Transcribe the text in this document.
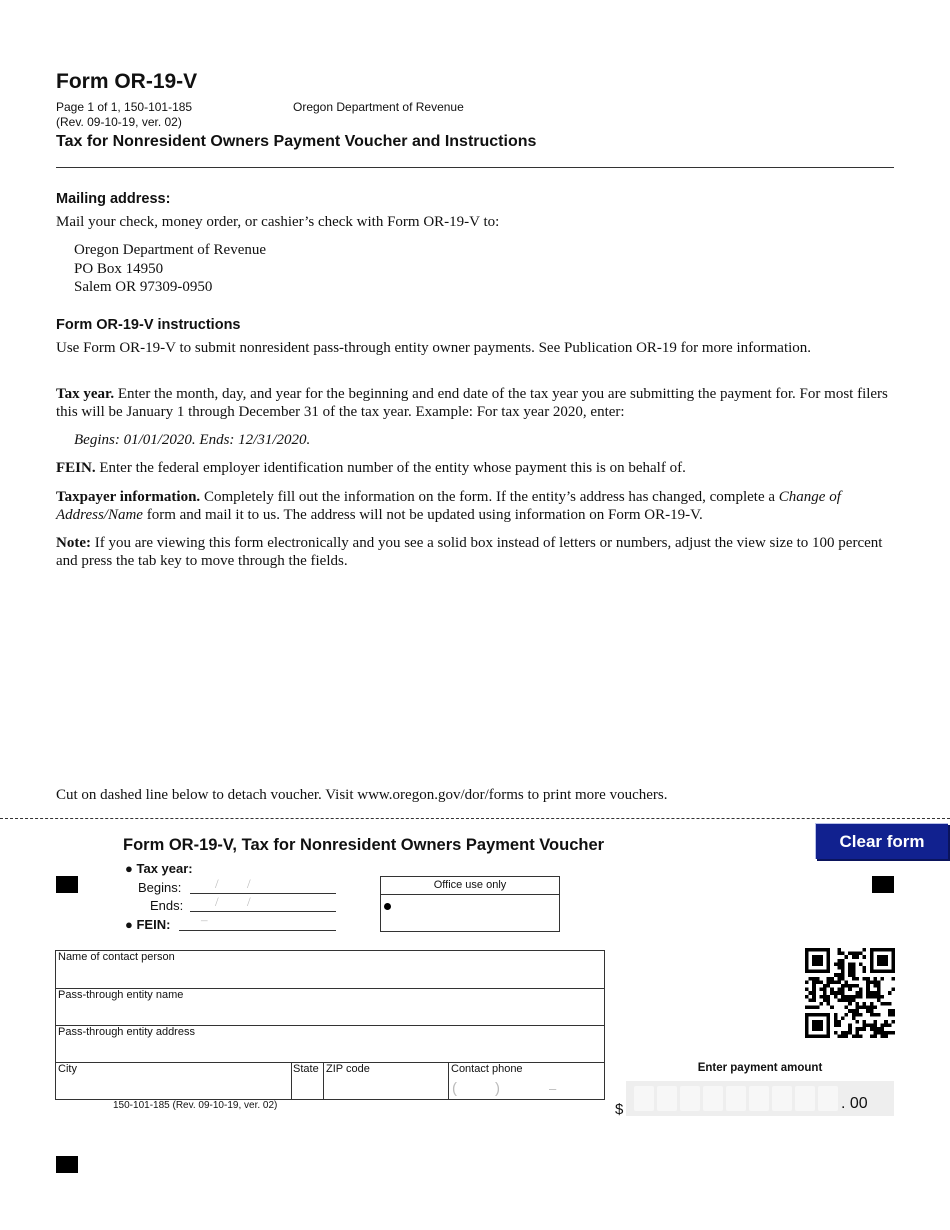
Form OR-19-V
Page 1 of 1, 150-101-185
(Rev. 09-10-19, ver. 02)
Oregon Department of Revenue
Tax for Nonresident Owners Payment Voucher and Instructions
Mailing address:
Mail your check, money order, or cashier’s check with Form OR-19-V to:
Oregon Department of Revenue
PO Box 14950
Salem OR 97309-0950
Form OR-19-V instructions
Use Form OR-19-V to submit nonresident pass-through entity owner payments. See Publication OR-19 for more information.
Tax year. Enter the month, day, and year for the beginning and end date of the tax year you are submitting the payment for. For most filers this will be January 1 through December 31 of the tax year. Example: For tax year 2020, enter:
Begins: 01/01/2020. Ends: 12/31/2020.
FEIN. Enter the federal employer identification number of the entity whose payment this is on behalf of.
Taxpayer information. Completely fill out the information on the form. If the entity’s address has changed, complete a Change of Address/Name form and mail it to us. The address will not be updated using information on Form OR-19-V.
Note: If you are viewing this form electronically and you see a solid box instead of letters or numbers, adjust the view size to 100 percent and press the tab key to move through the fields.
Cut on dashed line below to detach voucher. Visit www.oregon.gov/dor/forms to print more vouchers.
Form OR-19-V, Tax for Nonresident Owners Payment Voucher	Clear form
● Tax year:
Begins:	/ /
Ends: / /
● FEIN: –
Office use only
Name of contact person
Pass-through entity name
Pass-through entity address
City	State ZIP code	Contact phone
(	)	–
Enter payment amount
$	. 00
150-101-185 (Rev. 09-10-19, ver. 02)
